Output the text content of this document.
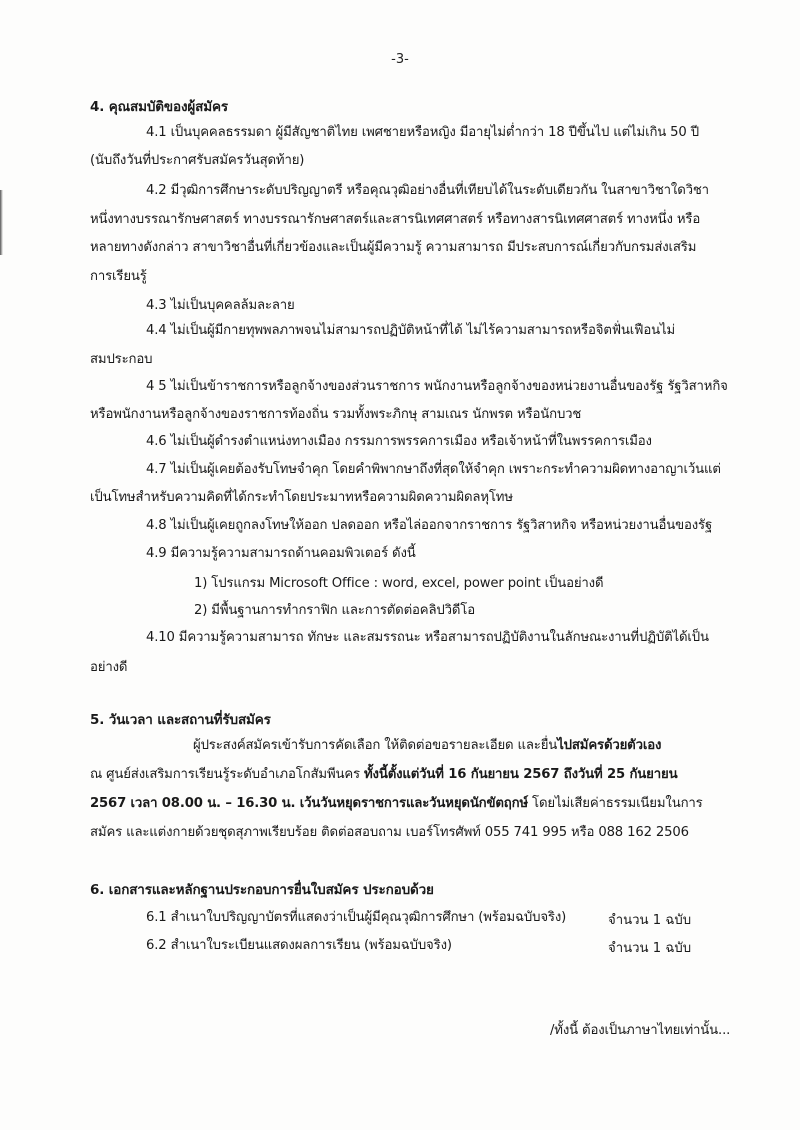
-3-
4. คุณสมบัติของผู้สมัคร
4.1 เป็นบุคคลธรรมดา ผู้มีสัญชาติไทย เพศชายหรือหญิง มีอายุไม่ต่ำกว่า 18 ปีขึ้นไป แต่ไม่เกิน 50 ปี
(นับถึงวันที่ประกาศรับสมัครวันสุดท้าย)
4.2 มีวุฒิการศึกษาระดับปริญญาตรี หรือคุณวุฒิอย่างอื่นที่เทียบได้ในระดับเดียวกัน ในสาขาวิชาใดวิชา
หนึ่งทางบรรณารักษศาสตร์ ทางบรรณารักษศาสตร์และสารนิเทศศาสตร์ หรือทางสารนิเทศศาสตร์ ทางหนึ่ง หรือ
หลายทางดังกล่าว สาขาวิชาอื่นที่เกี่ยวข้องและเป็นผู้มีความรู้ ความสามารถ มีประสบการณ์เกี่ยวกับกรมส่งเสริม
การเรียนรู้
4.3 ไม่เป็นบุคคลล้มละลาย
4.4 ไม่เป็นผู้มีกายทุพพลภาพจนไม่สามารถปฏิบัติหน้าที่ได้ ไม่ไร้ความสามารถหรือจิตฟั่นเฟือนไม่
สมประกอบ
4 5 ไม่เป็นข้าราชการหรือลูกจ้างของส่วนราชการ พนักงานหรือลูกจ้างของหน่วยงานอื่นของรัฐ รัฐวิสาหกิจ
หรือพนักงานหรือลูกจ้างของราชการท้องถิ่น รวมทั้งพระภิกษุ สามเณร นักพรต หรือนักบวช
4.6 ไม่เป็นผู้ดำรงตำแหน่งทางเมือง กรรมการพรรคการเมือง หรือเจ้าหน้าที่ในพรรคการเมือง
4.7 ไม่เป็นผู้เคยต้องรับโทษจำคุก โดยคำพิพากษาถึงที่สุดให้จำคุก เพราะกระทำความผิดทางอาญาเว้นแต่
เป็นโทษสำหรับความคิดที่ได้กระทำโดยประมาทหรือความผิดความผิดลหุโทษ
4.8 ไม่เป็นผู้เคยถูกลงโทษให้ออก ปลดออก หรือไล่ออกจากราชการ รัฐวิสาหกิจ หรือหน่วยงานอื่นของรัฐ
4.9 มีความรู้ความสามารถด้านคอมพิวเตอร์ ดังนี้
1) โปรแกรม Microsoft Office : word, excel, power point เป็นอย่างดี
2) มีพื้นฐานการทำกราฟิก และการตัดต่อคลิปวิดีโอ
4.10 มีความรู้ความสามารถ ทักษะ และสมรรถนะ หรือสามารถปฏิบัติงานในลักษณะงานที่ปฏิบัติได้เป็น
อย่างดี
5. วันเวลา และสถานที่รับสมัคร
ผู้ประสงค์สมัครเข้ารับการคัดเลือก ให้ติดต่อขอรายละเอียด และยื่นไปสมัครด้วยตัวเอง
ณ ศูนย์ส่งเสริมการเรียนรู้ระดับอำเภอโกสัมพีนคร ทั้งนี้ตั้งแต่วันที่ 16 กันยายน 2567 ถึงวันที่ 25 กันยายน
2567 เวลา 08.00 น. – 16.30 น. เว้นวันหยุดราชการและวันหยุดนักขัตฤกษ์ โดยไม่เสียค่าธรรมเนียมในการ
สมัคร และแต่งกายด้วยชุดสุภาพเรียบร้อย ติดต่อสอบถาม เบอร์โทรศัพท์ 055 741 995 หรือ 088 162 2506
6. เอกสารและหลักฐานประกอบการยื่นใบสมัคร ประกอบด้วย
6.1 สำเนาใบปริญญาบัตรที่แสดงว่าเป็นผู้มีคุณวุฒิการศึกษา (พร้อมฉบับจริง)	จำนวน 1 ฉบับ
6.2 สำเนาใบระเบียนแสดงผลการเรียน (พร้อมฉบับจริง)	จำนวน 1 ฉบับ
/ทั้งนี้ ต้องเป็นภาษาไทยเท่านั้น...
